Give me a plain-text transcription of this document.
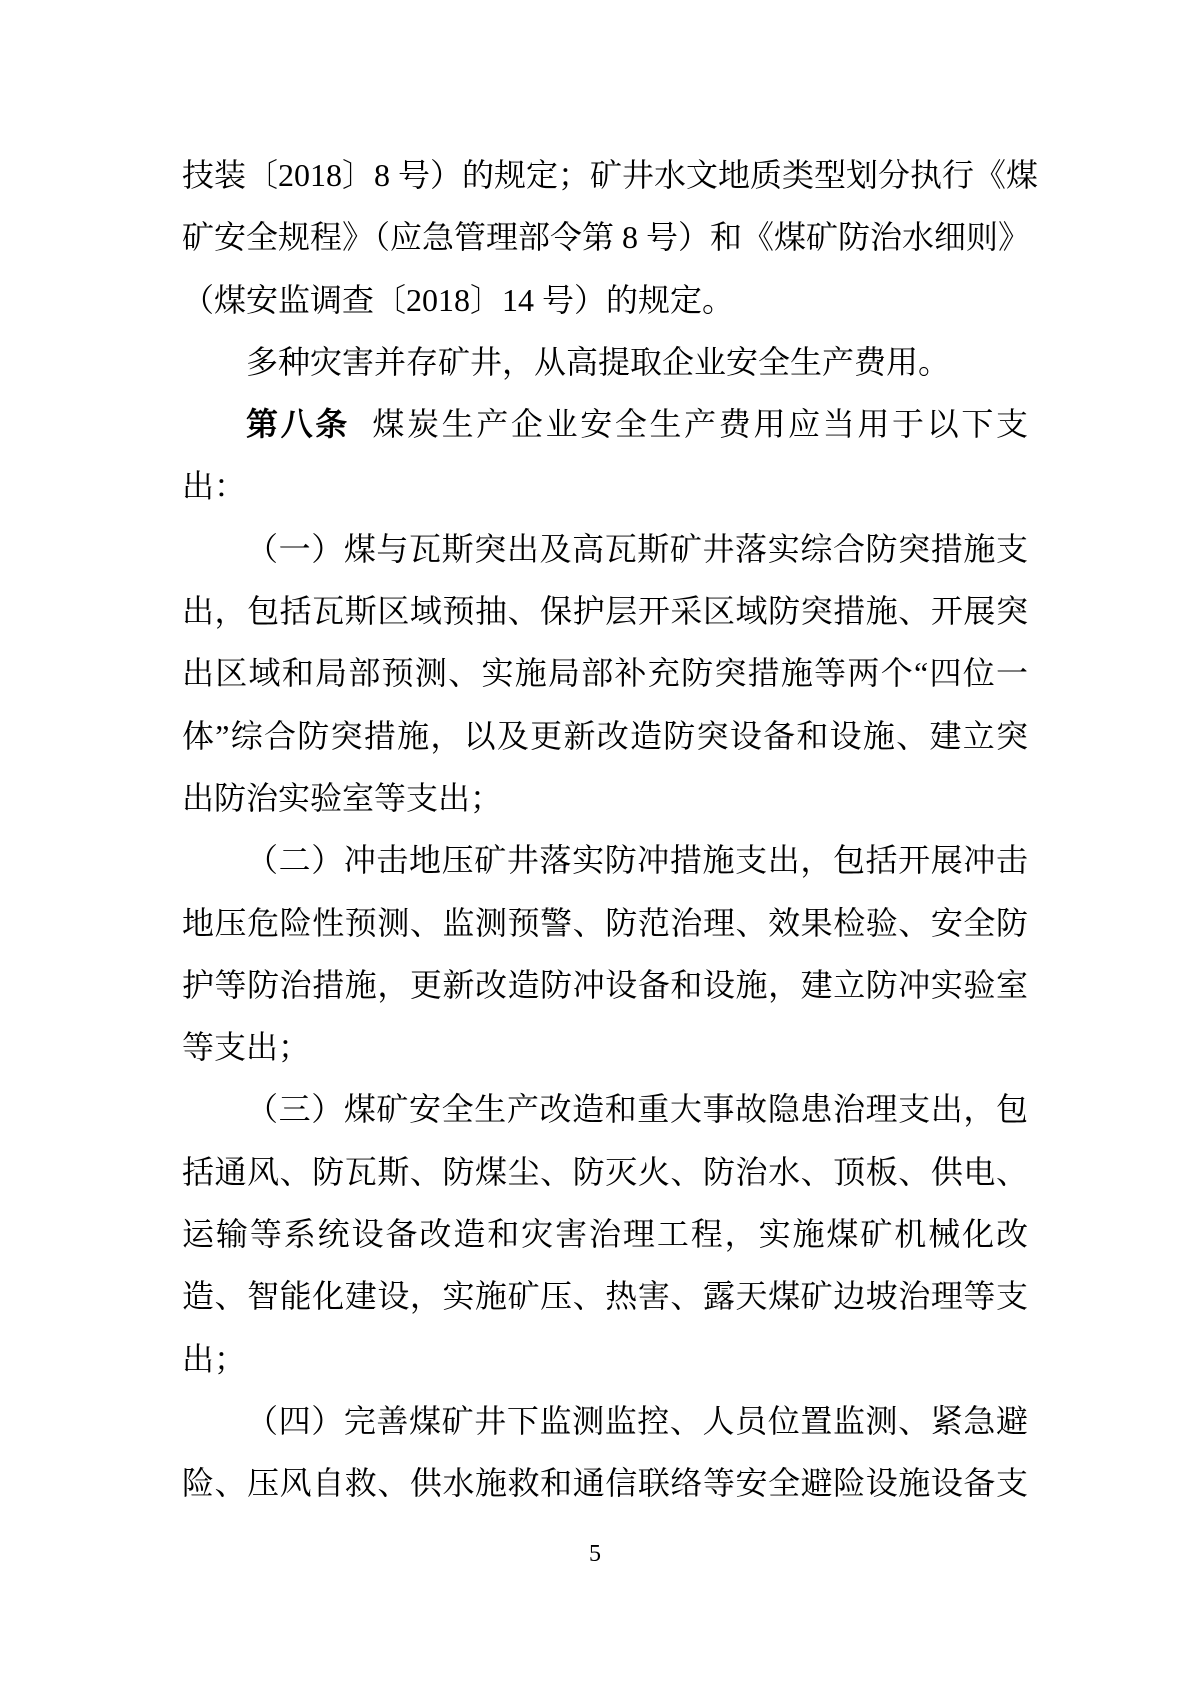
技装〔2018〕8 号）的规定；矿井水文地质类型划分执行《煤
矿安全规程》（应急管理部令第 8 号）和《煤矿防治水细则》
（煤安监调查〔2018〕14 号）的规定。

多种灾害并存矿井，从高提取企业安全生产费用。

第八条 煤炭生产企业安全生产费用应当用于以下支
出：

（一）煤与瓦斯突出及高瓦斯矿井落实综合防突措施支
出，包括瓦斯区域预抽、保护层开采区域防突措施、开展突
出区域和局部预测、实施局部补充防突措施等两个“四位一
体”综合防突措施，以及更新改造防突设备和设施、建立突
出防治实验室等支出；

（二）冲击地压矿井落实防冲措施支出，包括开展冲击
地压危险性预测、监测预警、防范治理、效果检验、安全防
护等防治措施，更新改造防冲设备和设施，建立防冲实验室
等支出；

（三）煤矿安全生产改造和重大事故隐患治理支出，包
括通风、防瓦斯、防煤尘、防灭火、防治水、顶板、供电、
运输等系统设备改造和灾害治理工程，实施煤矿机械化改
造、智能化建设，实施矿压、热害、露天煤矿边坡治理等支
出；

（四）完善煤矿井下监测监控、人员位置监测、紧急避
险、压风自救、供水施救和通信联络等安全避险设施设备支

5
